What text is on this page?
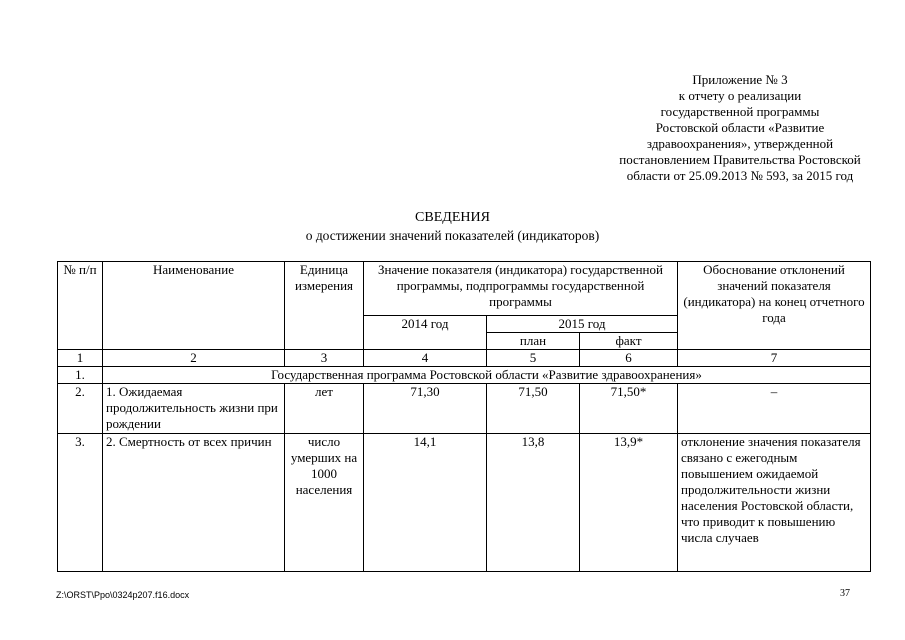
Приложение № 3
к отчету о реализации
государственной программы
Ростовской области «Развитие
здравоохранения», утвержденной
постановлением Правительства Ростовской
области от 25.09.2013 № 593, за 2015 год
СВЕДЕНИЯ
о достижении значений показателей (индикаторов)
№ п/п	Наименование	Единица измерения	Значение показателя (индикатора) государственной программы, подпрограммы государственной программы			Обоснование отклонений значений показателя (индикатора) на конец отчетного года
			2014 год	2015 год		
				план	факт	
1	2	3	4	5	6	7
1.	Государственная программа Ростовской области «Развитие здравоохранения»					
2.	1. Ожидаемая продолжительность жизни при рождении	лет	71,30	71,50	71,50*	–
3.	2. Смертность от всех причин	число умерших на 1000 населения	14,1	13,8	13,9*	отклонение значения показателя связано с ежегодным повышением ожидаемой продолжительности жизни населения Ростовской области, что приводит к повышению числа случаев
Z:\ORST\Ppo\0324p207.f16.docx	37
